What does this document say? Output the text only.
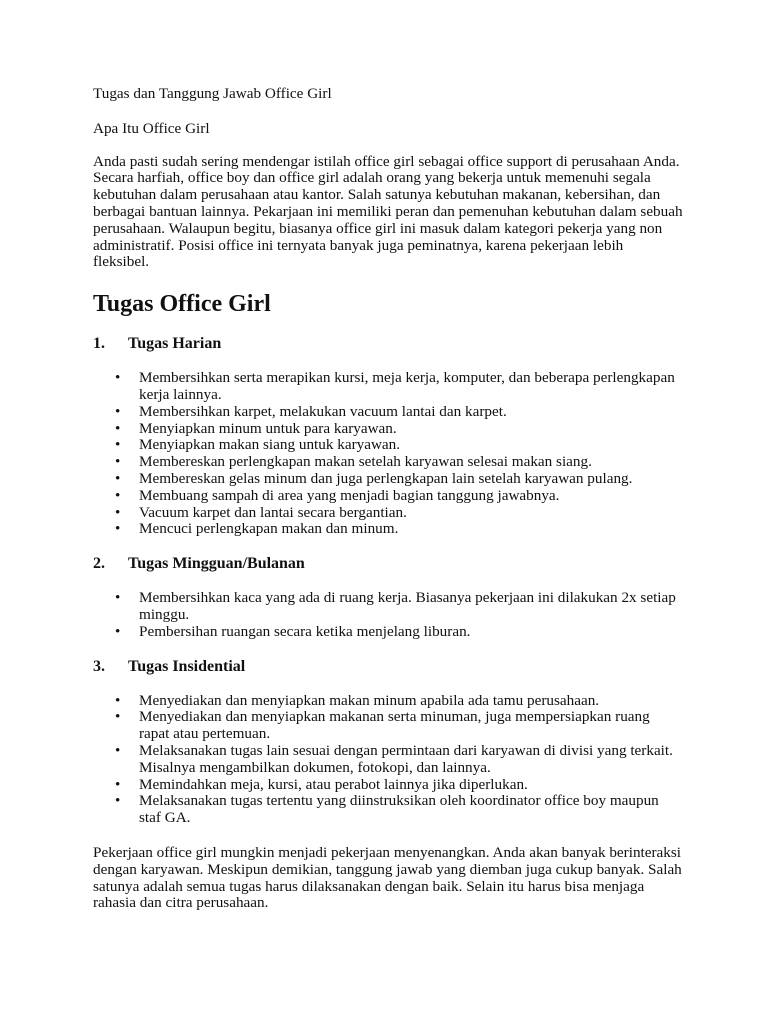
Tugas dan Tanggung Jawab Office Girl

Apa Itu Office Girl

Anda pasti sudah sering mendengar istilah office girl sebagai office support di perusahaan Anda. Secara harfiah, office boy dan office girl adalah orang yang bekerja untuk memenuhi segala kebutuhan dalam perusahaan atau kantor. Salah satunya kebutuhan makanan, kebersihan, dan berbagai bantuan lainnya. Pekarjaan ini memiliki peran dan pemenuhan kebutuhan dalam sebuah perusahaan. Walaupun begitu, biasanya office girl ini masuk dalam kategori pekerja yang non administratif. Posisi office ini ternyata banyak juga peminatnya, karena pekerjaan lebih fleksibel.

Tugas Office Girl
1.	Tugas Harian
• Membersihkan serta merapikan kursi, meja kerja, komputer, dan beberapa perlengkapan kerja lainnya.
• Membersihkan karpet, melakukan vacuum lantai dan karpet.
• Menyiapkan minum untuk para karyawan.
• Menyiapkan makan siang untuk karyawan.
• Membereskan perlengkapan makan setelah karyawan selesai makan siang.
• Membereskan gelas minum dan juga perlengkapan lain setelah karyawan pulang.
• Membuang sampah di area yang menjadi bagian tanggung jawabnya.
• Vacuum karpet dan lantai secara bergantian.
• Mencuci perlengkapan makan dan minum.
2.	Tugas Mingguan/Bulanan
• Membersihkan kaca yang ada di ruang kerja. Biasanya pekerjaan ini dilakukan 2x setiap minggu.
• Pembersihan ruangan secara ketika menjelang liburan.
3.	Tugas Insidential
• Menyediakan dan menyiapkan makan minum apabila ada tamu perusahaan.
• Menyediakan dan menyiapkan makanan serta minuman, juga mempersiapkan ruang rapat atau pertemuan.
• Melaksanakan tugas lain sesuai dengan permintaan dari karyawan di divisi yang terkait. Misalnya mengambilkan dokumen, fotokopi, dan lainnya.
• Memindahkan meja, kursi, atau perabot lainnya jika diperlukan.
• Melaksanakan tugas tertentu yang diinstruksikan oleh koordinator office boy maupun staf GA.

Pekerjaan office girl mungkin menjadi pekerjaan menyenangkan. Anda akan banyak berinteraksi dengan karyawan. Meskipun demikian, tanggung jawab yang diemban juga cukup banyak. Salah satunya adalah semua tugas harus dilaksanakan dengan baik. Selain itu harus bisa menjaga rahasia dan citra perusahaan.
